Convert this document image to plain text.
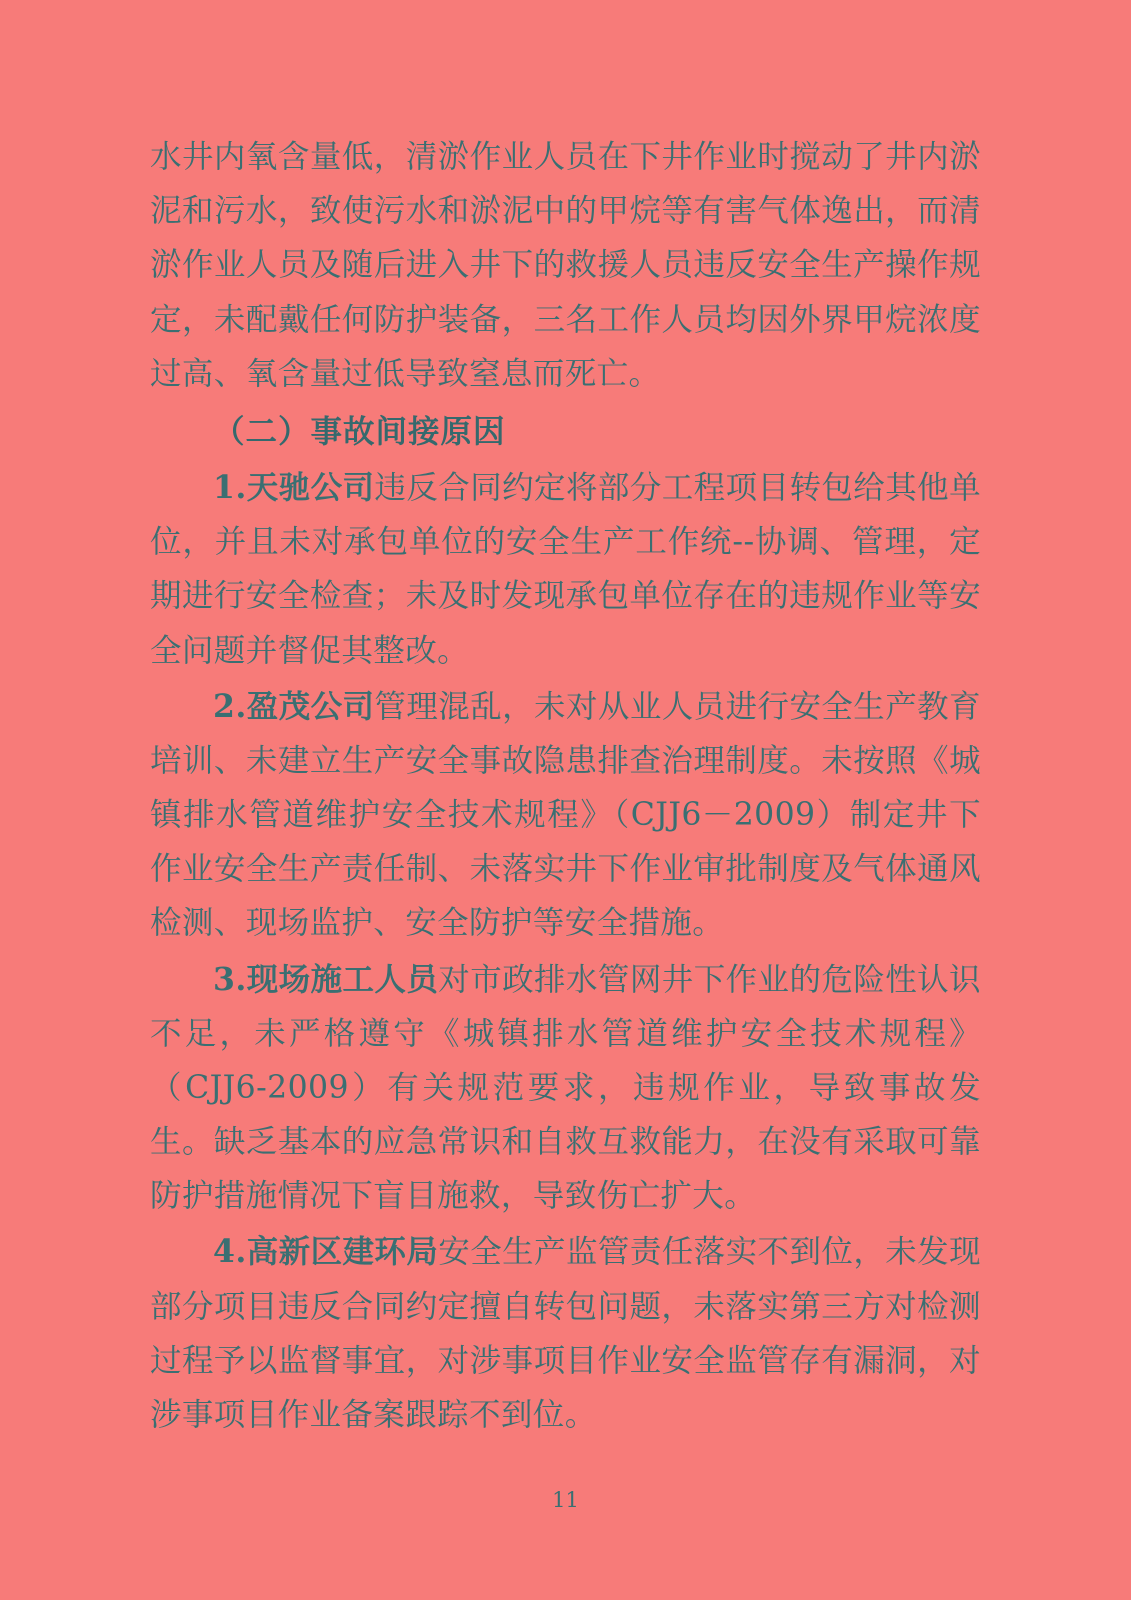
水井内氧含量低，清淤作业人员在下井作业时搅动了井内淤泥和污水，致使污水和淤泥中的甲烷等有害气体逸出，而清淤作业人员及随后进入井下的救援人员违反安全生产操作规定，未配戴任何防护装备，三名工作人员均因外界甲烷浓度过高、氧含量过低导致窒息而死亡。

（二）事故间接原因

1.天驰公司违反合同约定将部分工程项目转包给其他单位，并且未对承包单位的安全生产工作统--协调、管理，定期进行安全检查；未及时发现承包单位存在的违规作业等安全问题并督促其整改。

2.盈茂公司管理混乱，未对从业人员进行安全生产教育培训、未建立生产安全事故隐患排查治理制度。未按照《城镇排水管道维护安全技术规程》（CJJ6－2009）制定井下作业安全生产责任制、未落实井下作业审批制度及气体通风检测、现场监护、安全防护等安全措施。

3.现场施工人员对市政排水管网井下作业的危险性认识不足，未严格遵守《城镇排水管道维护安全技术规程》（CJJ6-2009）有关规范要求，违规作业，导致事故发生。缺乏基本的应急常识和自救互救能力，在没有采取可靠防护措施情况下盲目施救，导致伤亡扩大。

4.高新区建环局安全生产监管责任落实不到位，未发现部分项目违反合同约定擅自转包问题，未落实第三方对检测过程予以监督事宜，对涉事项目作业安全监管存有漏洞，对涉事项目作业备案跟踪不到位。

11
